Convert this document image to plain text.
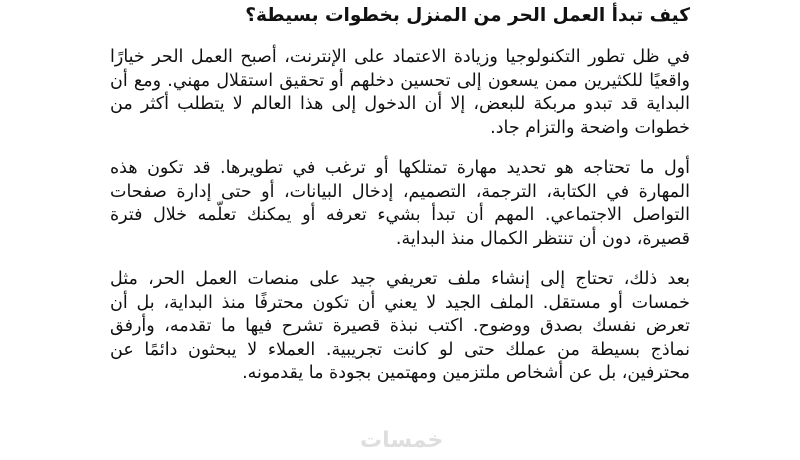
كيف تبدأ العمل الحر من المنزل بخطوات بسيطة؟

في ظل تطور التكنولوجيا وزيادة الاعتماد على الإنترنت، أصبح العمل الحر خيارًا واقعيًا للكثيرين ممن يسعون إلى تحسين دخلهم أو تحقيق استقلال مهني. ومع أن البداية قد تبدو مربكة للبعض، إلا أن الدخول إلى هذا العالم لا يتطلب أكثر من خطوات واضحة والتزام جاد.

أول ما تحتاجه هو تحديد مهارة تمتلكها أو ترغب في تطويرها. قد تكون هذه المهارة في الكتابة، الترجمة، التصميم، إدخال البيانات، أو حتى إدارة صفحات التواصل الاجتماعي. المهم أن تبدأ بشيء تعرفه أو يمكنك تعلّمه خلال فترة قصيرة، دون أن تنتظر الكمال منذ البداية.

بعد ذلك، تحتاج إلى إنشاء ملف تعريفي جيد على منصات العمل الحر، مثل خمسات أو مستقل. الملف الجيد لا يعني أن تكون محترفًا منذ البداية، بل أن تعرض نفسك بصدق ووضوح. اكتب نبذة قصيرة تشرح فيها ما تقدمه، وأرفق نماذج بسيطة من عملك حتى لو كانت تجريبية. العملاء لا يبحثون دائمًا عن محترفين، بل عن أشخاص ملتزمين ومهتمين بجودة ما يقدمونه.

خمسات
